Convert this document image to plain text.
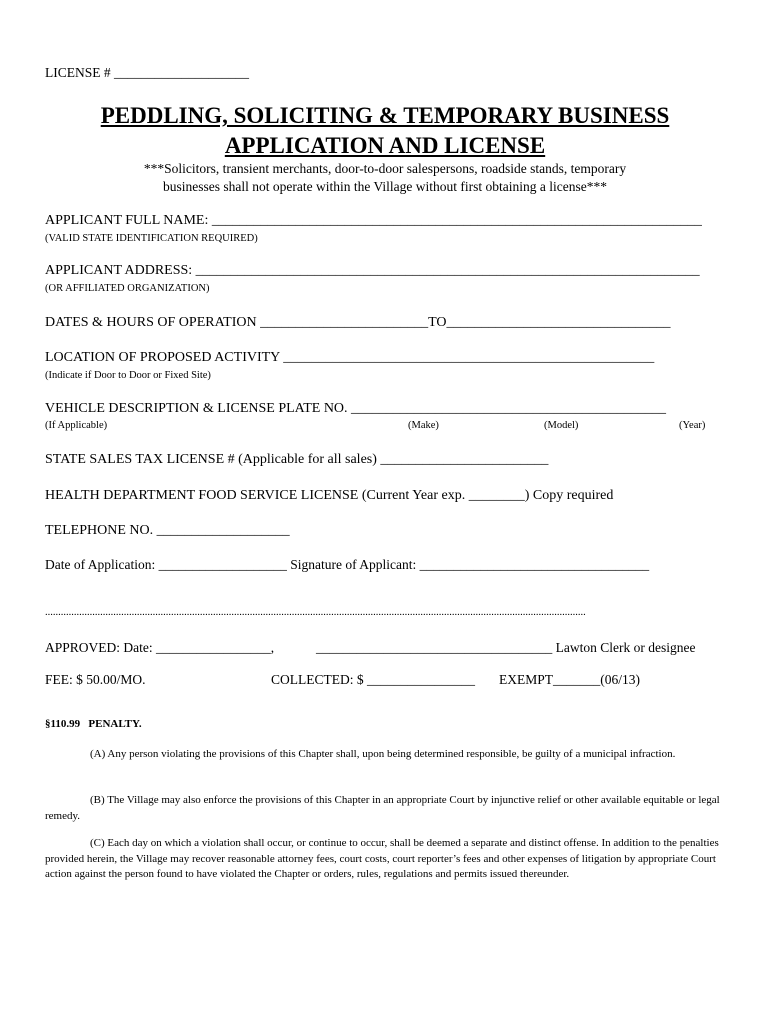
LICENSE # ____________________
PEDDLING, SOLICITING & TEMPORARY BUSINESS
APPLICATION AND LICENSE
***Solicitors, transient merchants, door-to-door salespersons, roadside stands, temporary
businesses shall not operate within the Village without first obtaining a license***
APPLICANT FULL NAME: ______________________________________________________________________
(VALID STATE IDENTIFICATION REQUIRED)
APPLICANT ADDRESS: ________________________________________________________________________
(OR AFFILIATED ORGANIZATION)
DATES & HOURS OF OPERATION ________________________TO________________________________
LOCATION OF PROPOSED ACTIVITY _____________________________________________________
(Indicate if Door to Door or Fixed Site)
VEHICLE DESCRIPTION & LICENSE PLATE NO. _____________________________________________
(If Applicable)	(Make)	(Model)	(Year)
STATE SALES TAX LICENSE # (Applicable for all sales) ________________________
HEALTH DEPARTMENT FOOD SERVICE LICENSE (Current Year exp. ________) Copy required
TELEPHONE NO. ___________________
Date of Application: ___________________ Signature of Applicant: __________________________________
..............................................................................................................................................................................................................
APPROVED: Date: _________________,	___________________________________ Lawton Clerk or designee
FEE: $ 50.00/MO.	COLLECTED: $ ________________ EXEMPT_______(06/13)
§110.99   PENALTY.
(A) Any person violating the provisions of this Chapter shall, upon being determined responsible, be guilty of a municipal infraction.
(B) The Village may also enforce the provisions of this Chapter in an appropriate Court by injunctive relief or other available equitable or legal remedy.
(C) Each day on which a violation shall occur, or continue to occur, shall be deemed a separate and distinct offense. In addition to the penalties provided herein, the Village may recover reasonable attorney fees, court costs, court reporter’s fees and other expenses of litigation by appropriate Court action against the person found to have violated the Chapter or orders, rules, regulations and permits issued thereunder.
